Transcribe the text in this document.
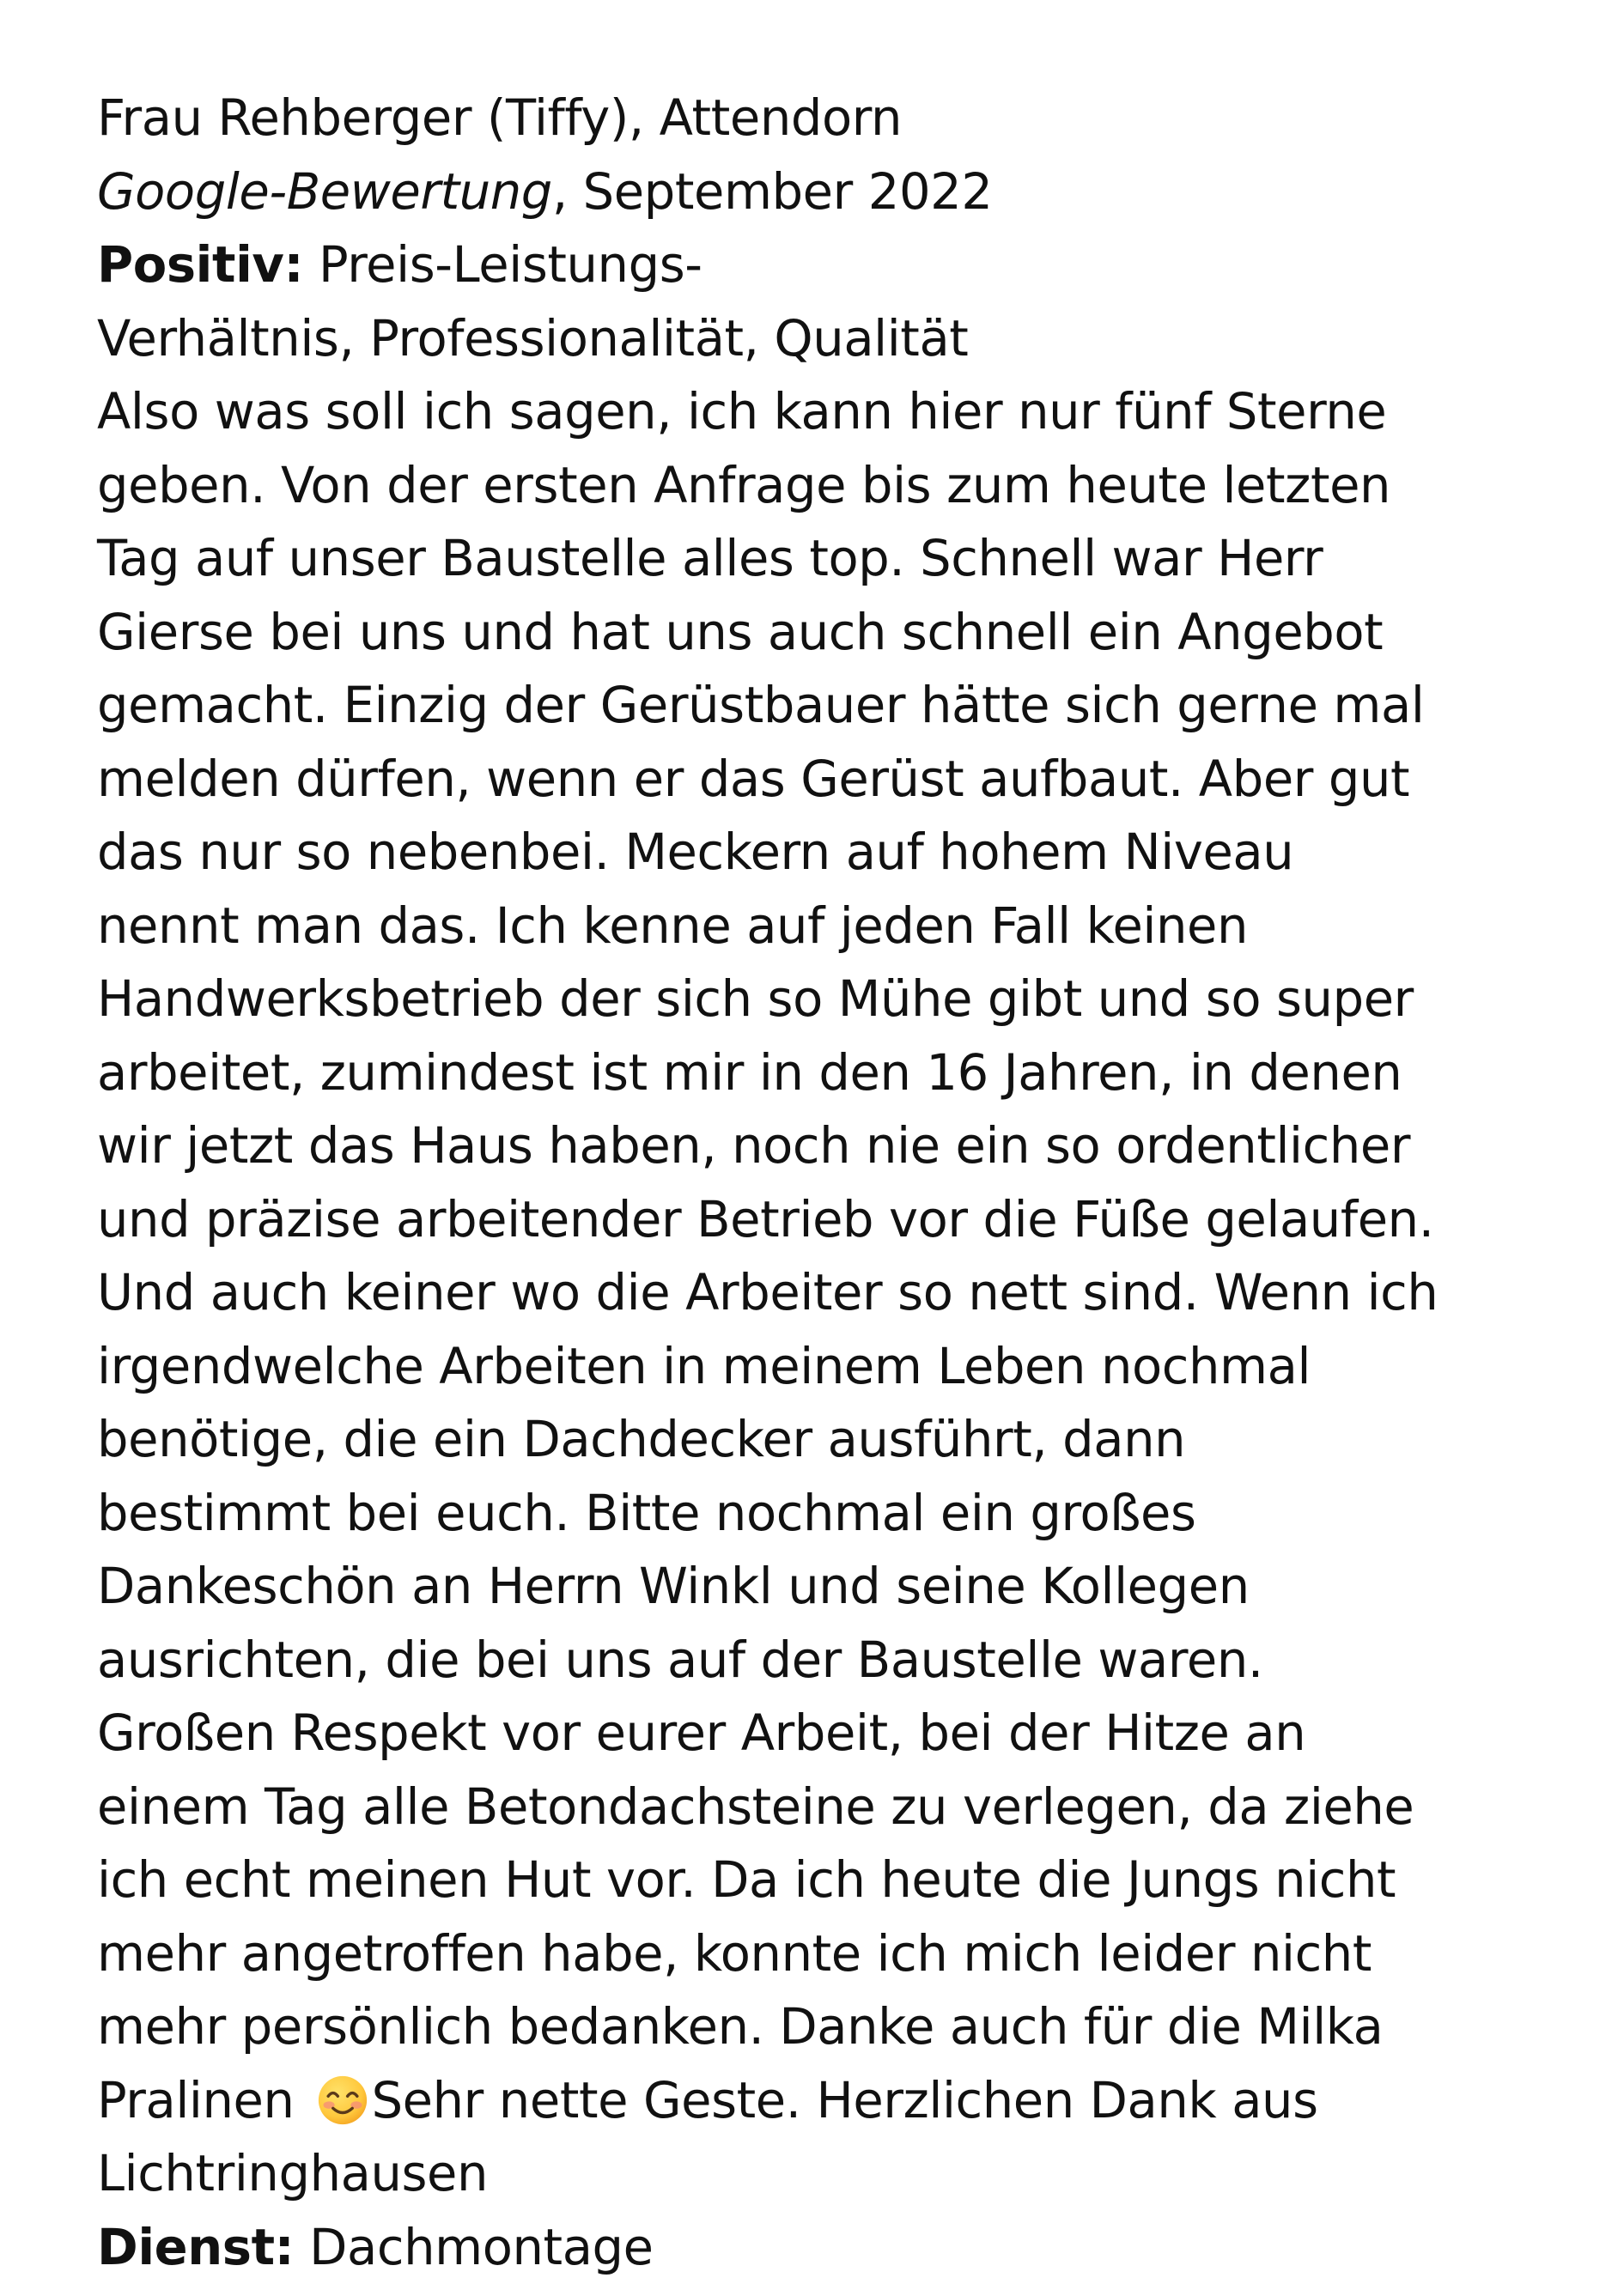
Frau Rehberger (Tiffy), Attendorn
Google-Bewertung, September 2022
Positiv: Preis-Leistungs-
Verhältnis, Professionalität, Qualität
Also was soll ich sagen, ich kann hier nur fünf Sterne
geben. Von der ersten Anfrage bis zum heute letzten
Tag auf unser Baustelle alles top. Schnell war Herr
Gierse bei uns und hat uns auch schnell ein Angebot
gemacht. Einzig der Gerüstbauer hätte sich gerne mal
melden dürfen, wenn er das Gerüst aufbaut. Aber gut
das nur so nebenbei. Meckern auf hohem Niveau
nennt man das. Ich kenne auf jeden Fall keinen
Handwerksbetrieb der sich so Mühe gibt und so super
arbeitet, zumindest ist mir in den 16 Jahren, in denen
wir jetzt das Haus haben, noch nie ein so ordentlicher
und präzise arbeitender Betrieb vor die Füße gelaufen.
Und auch keiner wo die Arbeiter so nett sind. Wenn ich
irgendwelche Arbeiten in meinem Leben nochmal
benötige, die ein Dachdecker ausführt, dann
bestimmt bei euch. Bitte nochmal ein großes
Dankeschön an Herrn Winkl und seine Kollegen
ausrichten, die bei uns auf der Baustelle waren.
Großen Respekt vor eurer Arbeit, bei der Hitze an
einem Tag alle Betondachsteine zu verlegen, da ziehe
ich echt meinen Hut vor. Da ich heute die Jungs nicht
mehr angetroffen habe, konnte ich mich leider nicht
mehr persönlich bedanken. Danke auch für die Milka
Pralinen Sehr nette Geste. Herzlichen Dank aus
Lichtringhausen
Dienst: Dachmontage
